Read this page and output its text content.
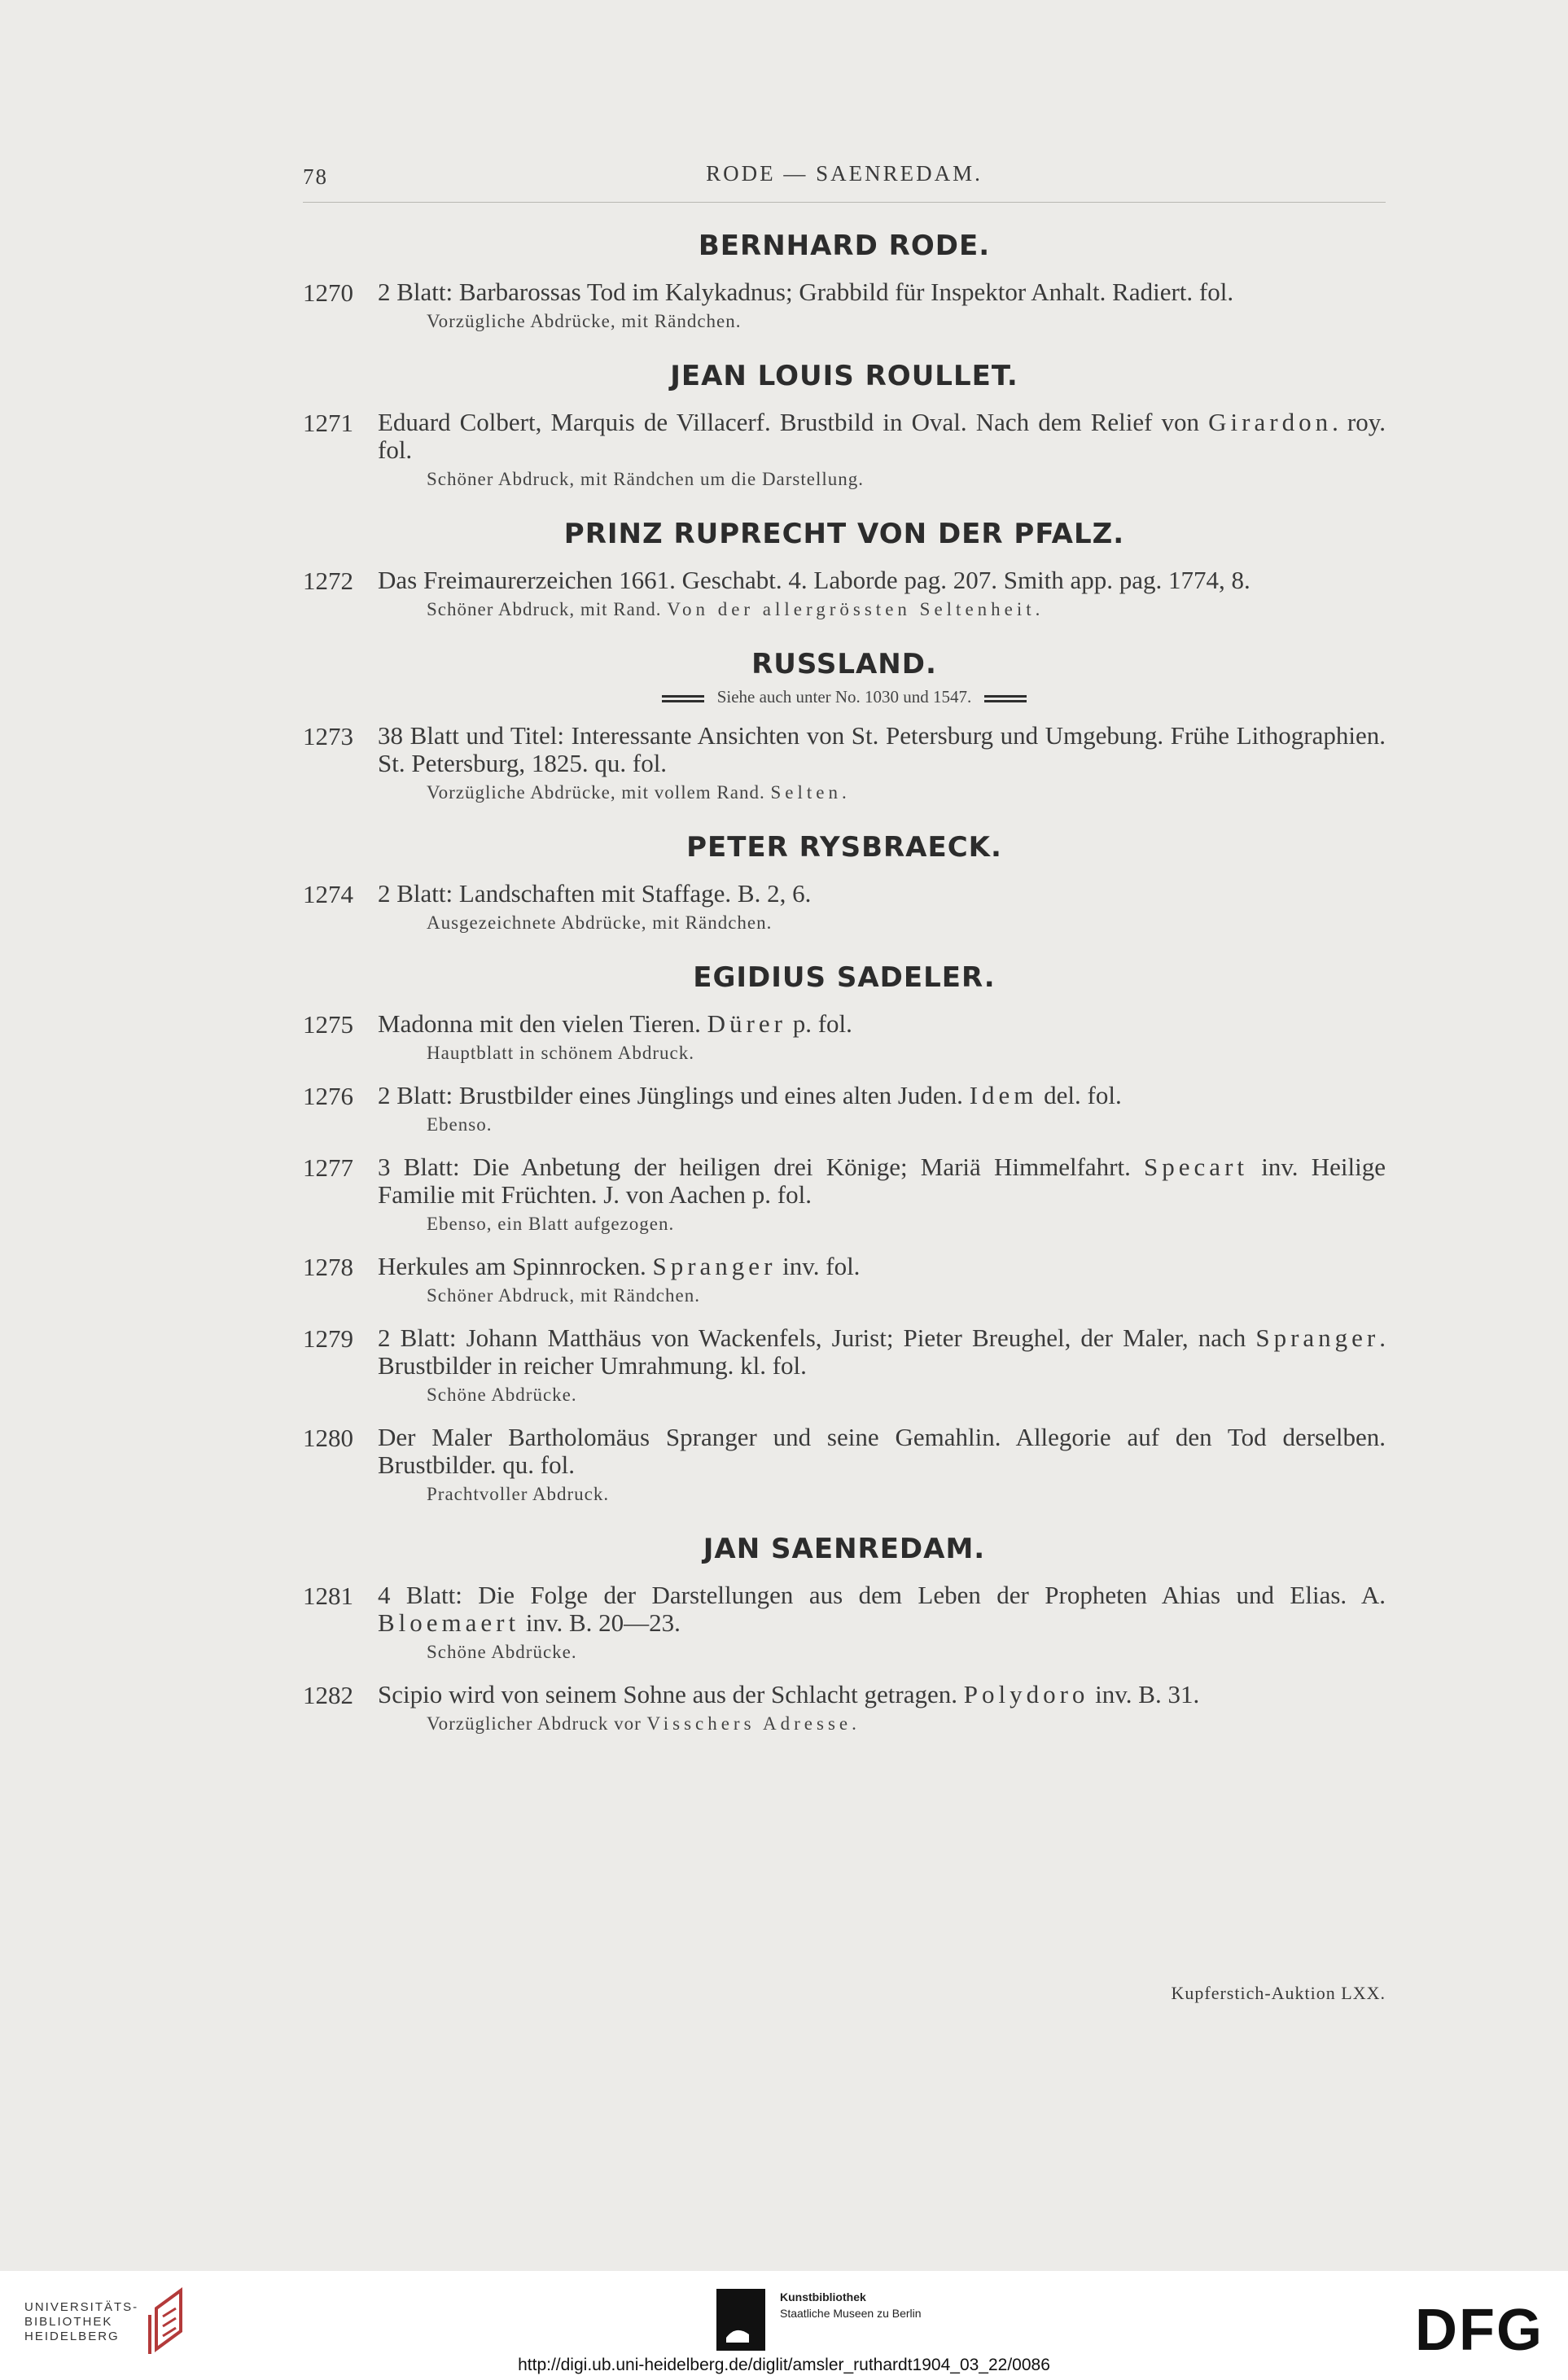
78	RODE — SAENREDAM.
BERNHARD RODE.
1270 2 Blatt: Barbarossas Tod im Kalykadnus; Grabbild für Inspektor Anhalt. Radiert. fol.
Vorzügliche Abdrücke, mit Rändchen.
JEAN LOUIS ROULLET.
1271 Eduard Colbert, Marquis de Villacerf. Brustbild in Oval. Nach dem Relief von Girardon. roy. fol.
Schöner Abdruck, mit Rändchen um die Darstellung.
PRINZ RUPRECHT VON DER PFALZ.
1272 Das Freimaurerzeichen 1661. Geschabt. 4. Laborde pag. 207. Smith app. pag. 1774, 8.
Schöner Abdruck, mit Rand. Von der allergrössten Seltenheit.
RUSSLAND.
Siehe auch unter No. 1030 und 1547.
1273 38 Blatt und Titel: Interessante Ansichten von St. Petersburg und Umgebung. Frühe Lithographien. St. Petersburg, 1825. qu. fol.
Vorzügliche Abdrücke, mit vollem Rand. Selten.
PETER RYSBRAECK.
1274 2 Blatt: Landschaften mit Staffage. B. 2, 6.
Ausgezeichnete Abdrücke, mit Rändchen.
EGIDIUS SADELER.
1275 Madonna mit den vielen Tieren. Dürer p. fol.
Hauptblatt in schönem Abdruck.
1276 2 Blatt: Brustbilder eines Jünglings und eines alten Juden. Idem del. fol.
Ebenso.
1277 3 Blatt: Die Anbetung der heiligen drei Könige; Mariä Himmelfahrt. Specart inv. Heilige Familie mit Früchten. J. von Aachen p. fol.
Ebenso, ein Blatt aufgezogen.
1278 Herkules am Spinnrocken. Spranger inv. fol.
Schöner Abdruck, mit Rändchen.
1279 2 Blatt: Johann Matthäus von Wackenfels, Jurist; Pieter Breughel, der Maler, nach Spranger. Brustbilder in reicher Umrahmung. kl. fol.
Schöne Abdrücke.
1280 Der Maler Bartholomäus Spranger und seine Gemahlin. Allegorie auf den Tod derselben. Brustbilder. qu. fol.
Prachtvoller Abdruck.
JAN SAENREDAM.
1281 4 Blatt: Die Folge der Darstellungen aus dem Leben der Propheten Ahias und Elias. A. Bloemaert inv. B. 20—23.
Schöne Abdrücke.
1282 Scipio wird von seinem Sohne aus der Schlacht getragen. Polydoro inv. B. 31.
Vorzüglicher Abdruck vor Visschers Adresse.
Kupferstich-Auktion LXX.
UNIVERSITÄTS-
BIBLIOTHEK
HEIDELBERG
Kunstbibliothek
Staatliche Museen zu Berlin	DFG
http://digi.ub.uni-heidelberg.de/diglit/amsler_ruthardt1904_03_22/0086
